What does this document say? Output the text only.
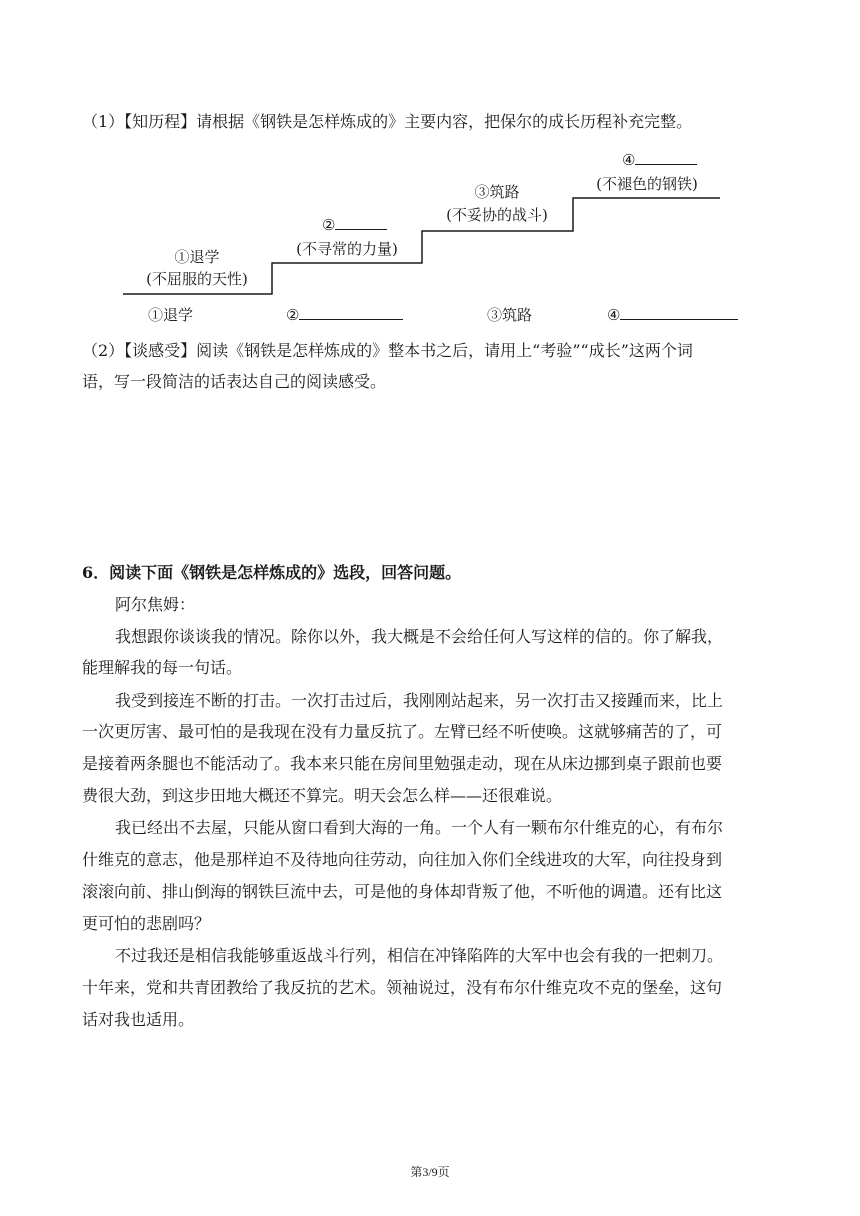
（1）【知历程】请根据《钢铁是怎样炼成的》主要内容，把保尔的成长历程补充完整。
①退学
(不屈服的天性)
②
(不寻常的力量)
③筑路
(不妥协的战斗)
④
(不褪色的钢铁)
①退学	②	③筑路	④
（2）【谈感受】阅读《钢铁是怎样炼成的》整本书之后，请用上“考验”“成长”这两个词
语，写一段简洁的话表达自己的阅读感受。
6．阅读下面《钢铁是怎样炼成的》选段，回答问题。
阿尔焦姆：
我想跟你谈谈我的情况。除你以外，我大概是不会给任何人写这样的信的。你了解我，
能理解我的每一句话。
我受到接连不断的打击。一次打击过后，我刚刚站起来，另一次打击又接踵而来，比上
一次更厉害、最可怕的是我现在没有力量反抗了。左臂已经不听使唤。这就够痛苦的了，可
是接着两条腿也不能活动了。我本来只能在房间里勉强走动，现在从床边挪到桌子跟前也要
费很大劲，到这步田地大概还不算完。明天会怎么样——还很难说。
我已经出不去屋，只能从窗口看到大海的一角。一个人有一颗布尔什维克的心，有布尔
什维克的意志，他是那样迫不及待地向往劳动，向往加入你们全线进攻的大军，向往投身到
滚滚向前、排山倒海的钢铁巨流中去，可是他的身体却背叛了他，不听他的调遣。还有比这
更可怕的悲剧吗？
不过我还是相信我能够重返战斗行列，相信在冲锋陷阵的大军中也会有我的一把刺刀。
十年来，党和共青团教给了我反抗的艺术。领袖说过，没有布尔什维克攻不克的堡垒，这句
话对我也适用。
第3/9页
